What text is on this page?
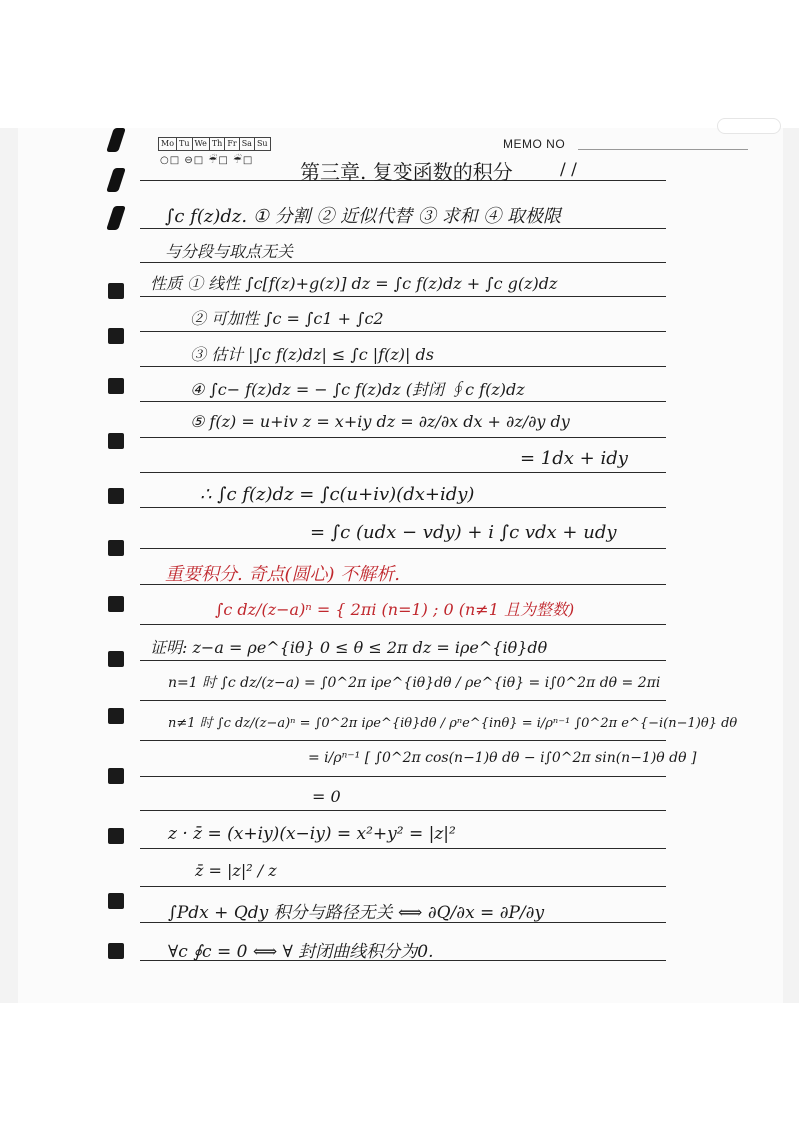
Mo Tu We Th Fr Sa Su
○□ ⊖□ ☔□ ☔□
MEMO NO
第三章. 复变函数的积分	/ /
∫c f(z)dz. ① 分割 ② 近似代替 ③ 求和 ④ 取极限
与分段与取点无关
性质 ① 线性 ∫c[f(z)+g(z)] dz = ∫c f(z)dz + ∫c g(z)dz
② 可加性 ∫c = ∫c1 + ∫c2
③ 估计 |∫c f(z)dz| ≤ ∫c |f(z)| ds
④ ∫c− f(z)dz = − ∫c f(z)dz (封闭 ∮c f(z)dz
⑤ f(z) = u+iv z = x+iy dz = ∂z/∂x dx + ∂z/∂y dy
= 1dx + idy
∴ ∫c f(z)dz = ∫c(u+iv)(dx+idy)
= ∫c (udx − vdy) + i ∫c vdx + udy
重要积分. 奇点(圆心) 不解析.
∫c dz/(z−a)ⁿ = { 2πi (n=1) ; 0 (n≠1 且为整数)
证明: z−a = ρe^{iθ} 0 ≤ θ ≤ 2π dz = iρe^{iθ}dθ
n=1 时 ∫c dz/(z−a) = ∫0^2π iρe^{iθ}dθ / ρe^{iθ} = i∫0^2π dθ = 2πi
n≠1 时 ∫c dz/(z−a)ⁿ = ∫0^2π iρe^{iθ}dθ / ρⁿe^{inθ} = i/ρⁿ⁻¹ ∫0^2π e^{−i(n−1)θ} dθ
= i/ρⁿ⁻¹ [ ∫0^2π cos(n−1)θ dθ − i∫0^2π sin(n−1)θ dθ ]
= 0
z · z̄ = (x+iy)(x−iy) = x²+y² = |z|²
z̄ = |z|² / z
∫Pdx + Qdy 积分与路径无关 ⟺ ∂Q/∂x = ∂P/∂y
∀c ∮c = 0 ⟺ ∀ 封闭曲线积分为0.
